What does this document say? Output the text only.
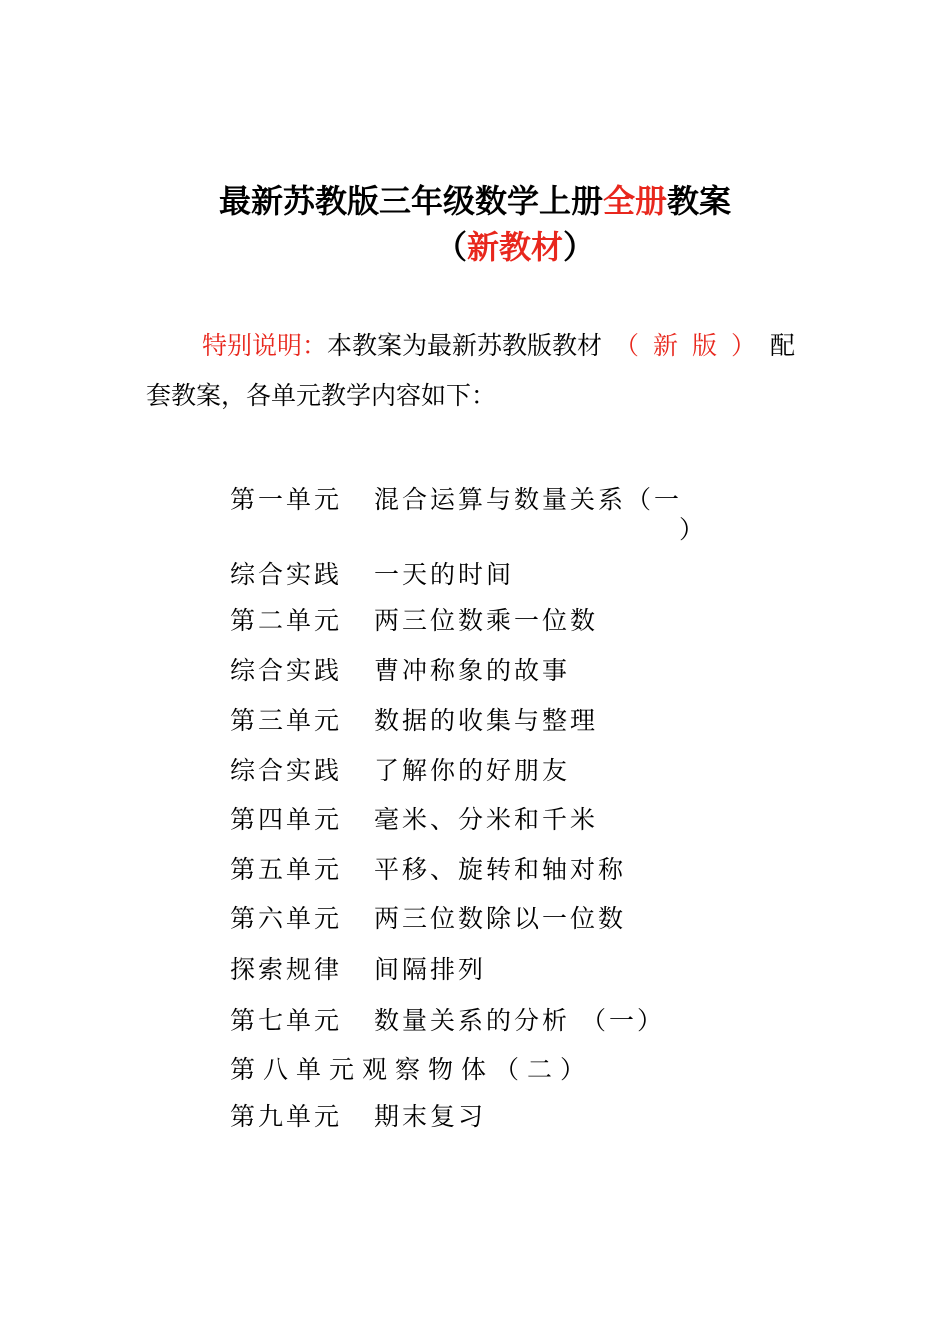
最新苏教版三年级数学上册全册教案
（新教材）
特别说明：本教案为最新苏教版教材 （新版）配
套教案，各单元教学内容如下：
第一单元 混合运算与数量关系（一
）
综合实践 一天的时间
第二单元 两三位数乘一位数
综合实践 曹冲称象的故事
第三单元 数据的收集与整理
综合实践 了解你的好朋友
第四单元 毫米、分米和千米
第五单元 平移、旋转和轴对称
第六单元 两三位数除以一位数
探索规律 间隔排列
第七单元 数量关系的分析 （一）
第八单元观察物体（二）
第九单元 期末复习
